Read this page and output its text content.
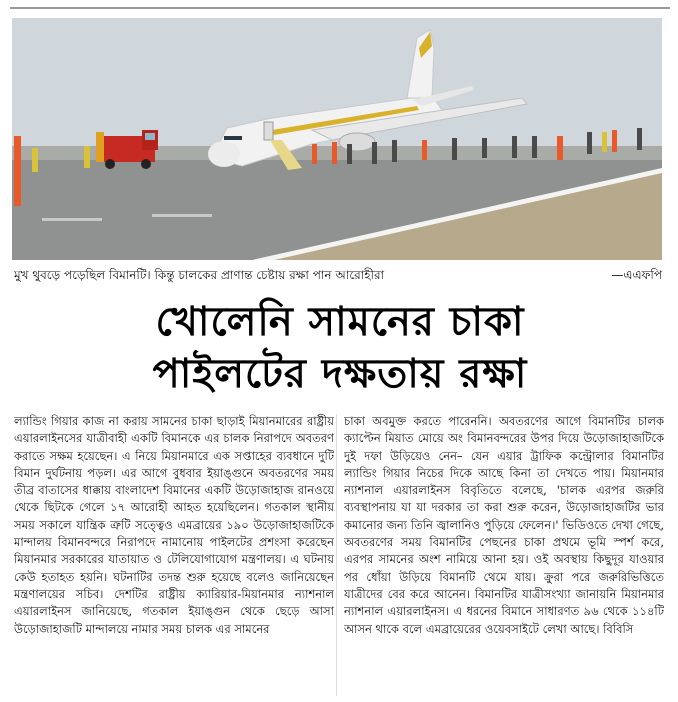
মুখ থুবড়ে পড়েছিল বিমানটি। কিন্তু চালকের প্রাণান্ত চেষ্টায় রক্ষা পান আরোহীরা	—এএফপি
খোলেনি সামনের চাকা
পাইলটের দক্ষতায় রক্ষা
ল্যান্ডিং গিয়ার কাজ না করায় সামনের চাকা ছাড়াই মিয়ানমারের রাষ্ট্রীয় এয়ারলাইনসের যাত্রীবাহী একটি বিমানকে এর চালক নিরাপদে অবতরণ করাতে সক্ষম হয়েছেন। এ নিয়ে মিয়ানমারে এক সপ্তাহের ব্যবধানে দুটি বিমান দুর্ঘটনায় পড়ল। এর আগে বুধবার ইয়াঙ্গুনে অবতরণের সময় তীব্র বাতাসের ধাক্কায় বাংলাদেশ বিমানের একটি উড়োজাহাজ রানওয়ে থেকে ছিটকে গেলে ১৭ আরোহী আহত হয়েছিলেন। গতকাল স্থানীয় সময় সকালে যান্ত্রিক ত্রুটি সত্ত্বেও এমব্রায়ের ১৯০ উড়োজাহাজটিকে মান্দালয় বিমানবন্দরে নিরাপদে নামানোয় পাইলটের প্রশংসা করেছেন মিয়ানমার সরকারের যাতায়াত ও টেলিযোগাযোগ মন্ত্রণালয়। এ ঘটনায় কেউ হতাহত হয়নি। ঘটনাটির তদন্ত শুরু হয়েছে বলেও জানিয়েছেন মন্ত্রণালয়ের সচিব। দেশটির রাষ্ট্রীয় ক্যারিয়ার-মিয়ানমার ন্যাশনাল এয়ারলাইনস জানিয়েছে, গতকাল ইয়াঙ্গুন থেকে ছেড়ে আসা উড়োজাহাজটি মান্দালয়ে নামার সময় চালক এর সামনের
চাকা অবমুক্ত করতে পারেননি। অবতরণের আগে বিমানটির চালক ক্যাপ্টেন মিয়াত মোয়ে অং বিমানবন্দরের উপর দিয়ে উড়োজাহাজটিকে দুই দফা উড়িয়েও নেন– যেন এয়ার ট্রাফিক কন্ট্রোলার বিমানটির ল্যান্ডিং গিয়ার নিচের দিকে আছে কিনা তা দেখতে পায়। মিয়ানমার ন্যাশনাল এয়ারলাইনস বিবৃতিতে বলেছে, 'চালক এরপর জরুরি ব্যবস্থাপনায় যা যা দরকার তা করা শুরু করেন, উড়োজাহাজটির ভার কমানোর জন্য তিনি জ্বালানিও পুড়িয়ে ফেলেন।' ভিডিওতে দেখা গেছে, অবতরণের সময় বিমানটির পেছনের চাকা প্রথমে ভূমি স্পর্শ করে, এরপর সামনের অংশ নামিয়ে আনা হয়। ওই অবস্থায় কিছুদূর যাওয়ার পর ধোঁয়া উড়িয়ে বিমানটি থেমে যায়। ক্রুরা পরে জরুরিভিত্তিতে যাত্রীদের বের করে আনেন। বিমানটির যাত্রীসংখ্যা জানায়নি মিয়ানমার ন্যাশনাল এয়ারলাইনস। এ ধরনের বিমানে সাধারণত ৯৬ থেকে ১১৪টি আসন থাকে বলে এমব্রায়েরের ওয়েবসাইটে লেখা আছে। বিবিসি
